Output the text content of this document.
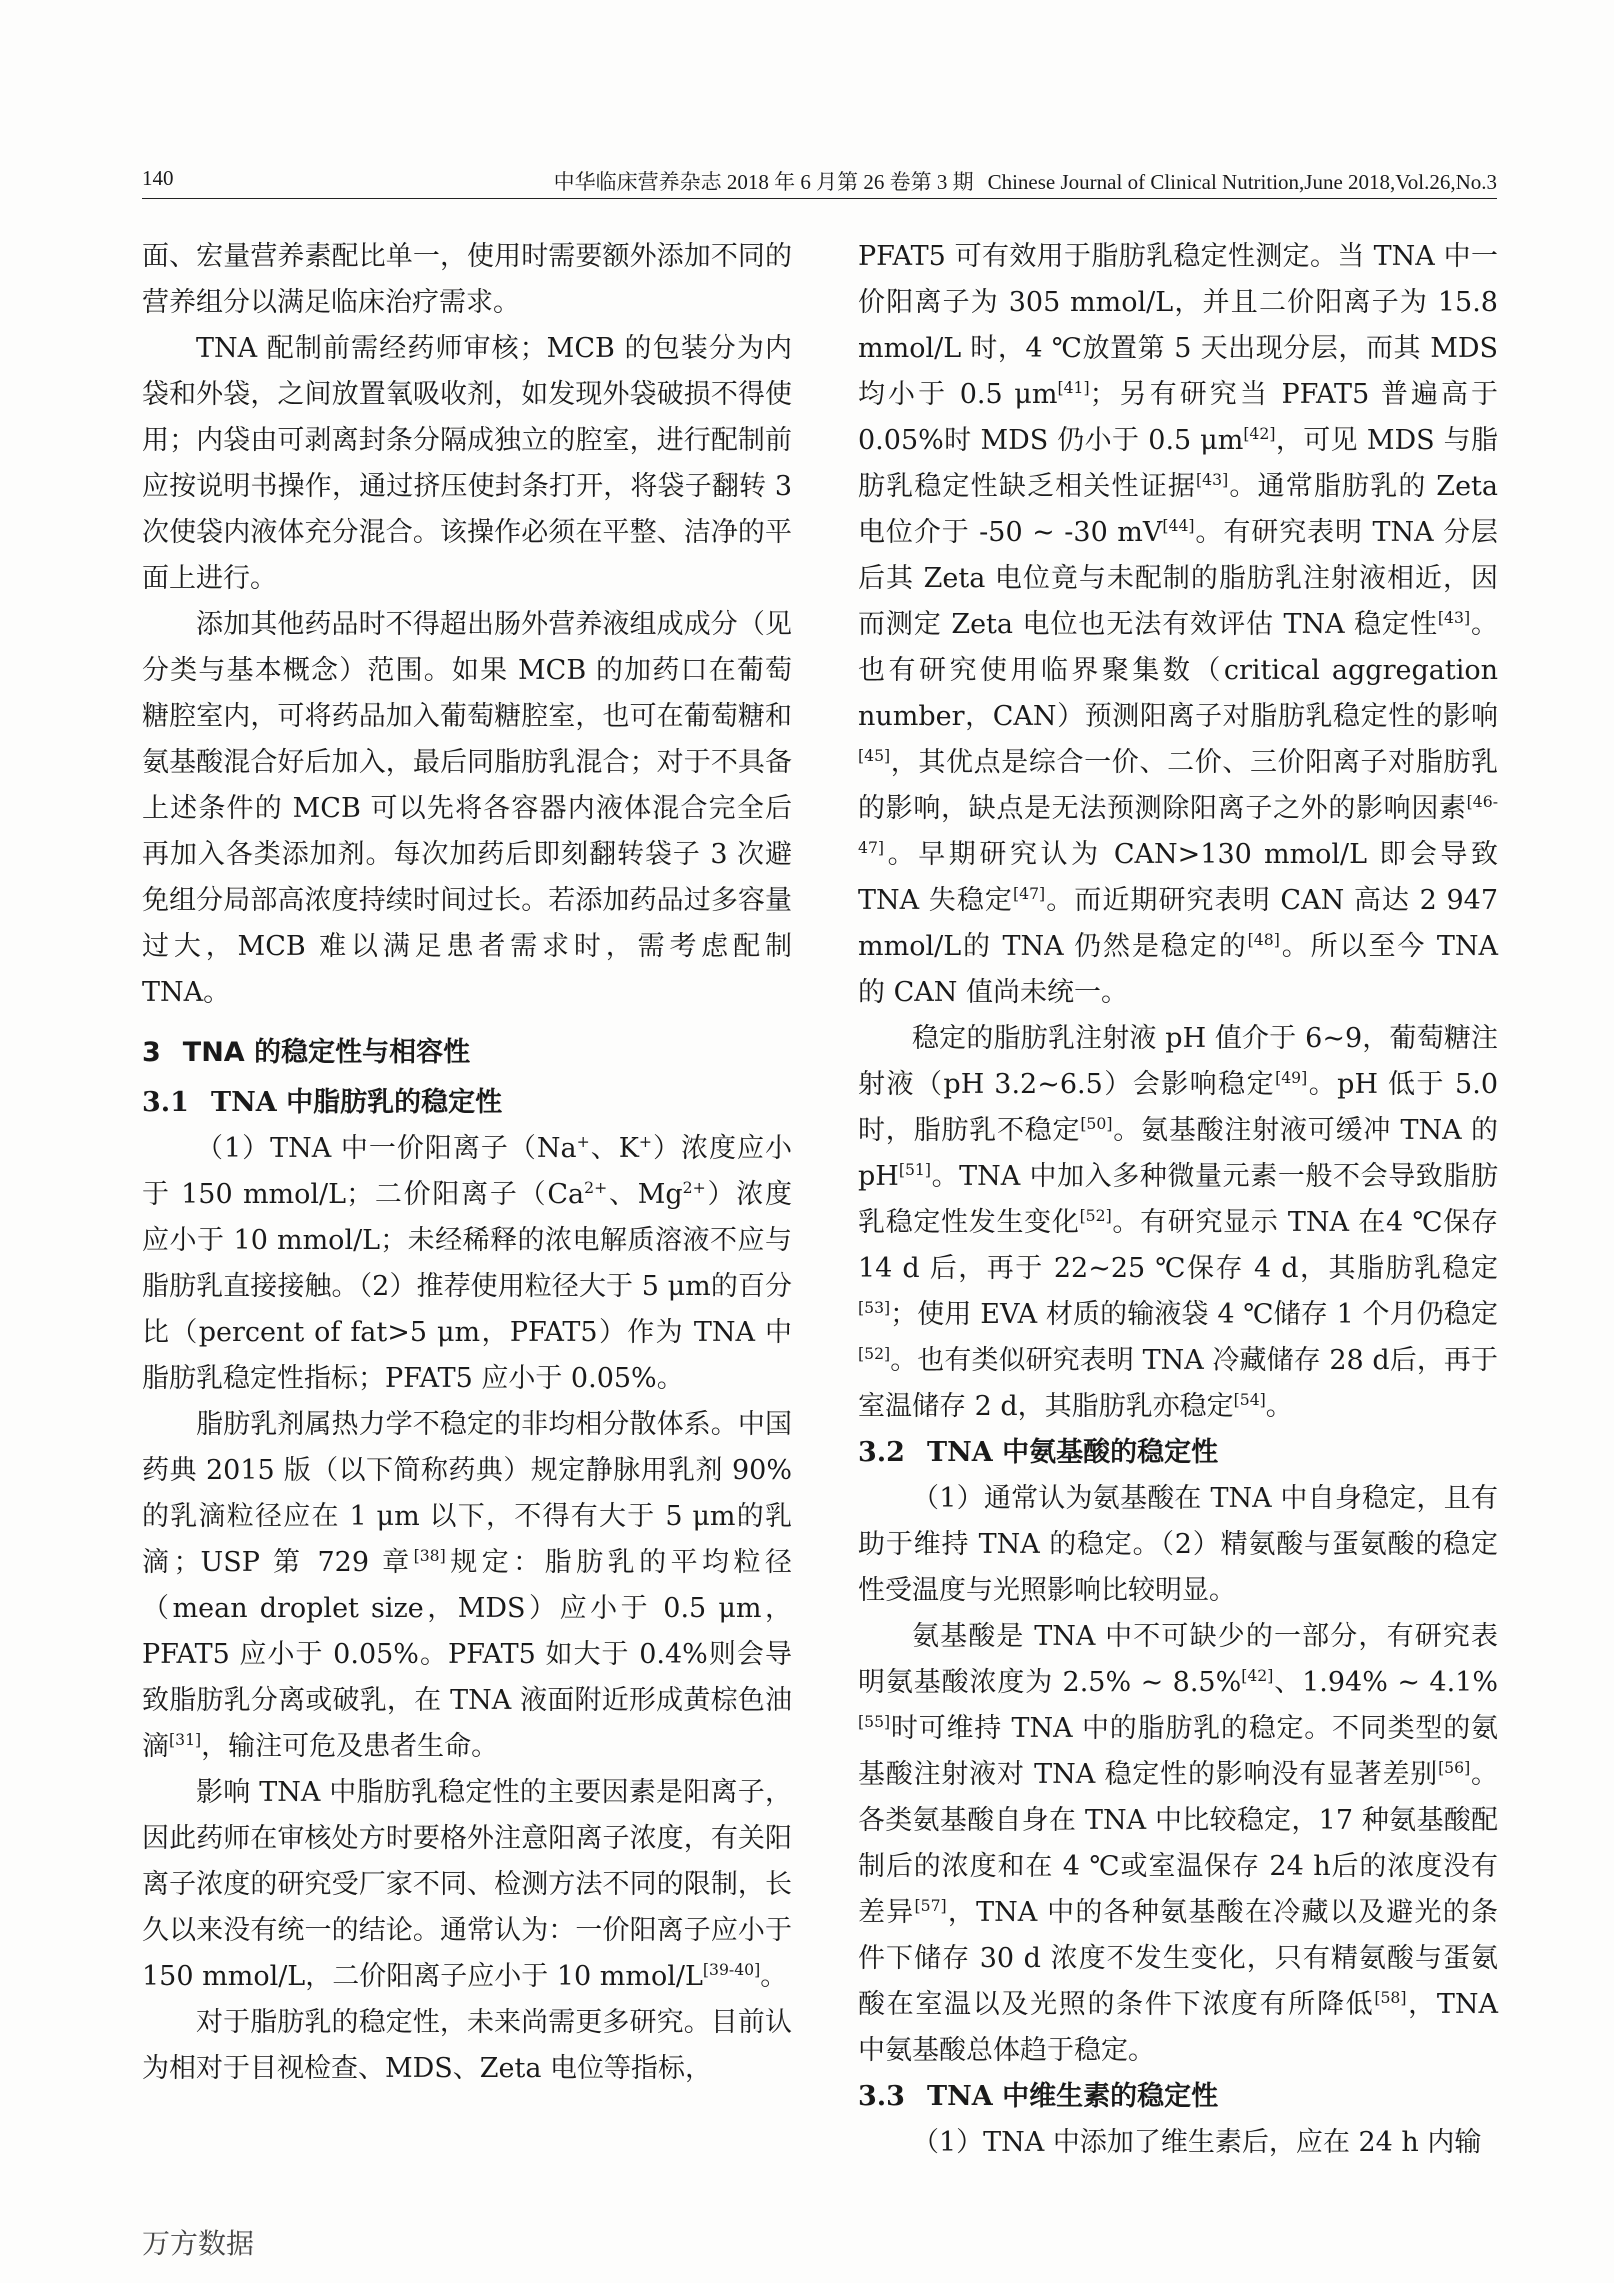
140	中华临床营养杂志 2018 年 6 月第 26 卷第 3 期 Chinese Journal of Clinical Nutrition,June 2018,Vol.26,No.3

面、宏量营养素配比单一，使用时需要额外添加不同的营养组分以满足临床治疗需求。

TNA 配制前需经药师审核；MCB 的包装分为内袋和外袋，之间放置氧吸收剂，如发现外袋破损不得使用；内袋由可剥离封条分隔成独立的腔室，进行配制前应按说明书操作，通过挤压使封条打开，将袋子翻转 3 次使袋内液体充分混合。该操作必须在平整、洁净的平面上进行。

添加其他药品时不得超出肠外营养液组成成分（见分类与基本概念）范围。如果 MCB 的加药口在葡萄糖腔室内，可将药品加入葡萄糖腔室，也可在葡萄糖和氨基酸混合好后加入，最后同脂肪乳混合；对于不具备上述条件的 MCB 可以先将各容器内液体混合完全后再加入各类添加剂。每次加药后即刻翻转袋子 3 次避免组分局部高浓度持续时间过长。若添加药品过多容量过大，MCB 难以满足患者需求时，需考虑配制 TNA。

3 TNA 的稳定性与相容性
3.1 TNA 中脂肪乳的稳定性

（1）TNA 中一价阳离子（Na+、K+）浓度应小于 150 mmol/L；二价阳离子（$Ca^{2+}$、$Mg^{2+}$）浓度应小于 10 mmol/L；未经稀释的浓电解质溶液不应与脂肪乳直接接触。（2）推荐使用粒径大于 5 μm的百分比（percent of fat>5 μm，PFAT5）作为 TNA 中脂肪乳稳定性指标；PFAT5 应小于 0.05%。

脂肪乳剂属热力学不稳定的非均相分散体系。中国药典 2015 版（以下简称药典）规定静脉用乳剂 90%的乳滴粒径应在 1 μm 以下，不得有大于 5 μm的乳滴；USP 第 729 章[38]规定：脂肪乳的平均粒径（mean droplet size，MDS）应小于 0.5 μm，PFAT5 应小于 0.05%。PFAT5 如大于 0.4%则会导致脂肪乳分离或破乳，在 TNA 液面附近形成黄棕色油滴[31]，输注可危及患者生命。

影响 TNA 中脂肪乳稳定性的主要因素是阳离子，因此药师在审核处方时要格外注意阳离子浓度，有关阳离子浓度的研究受厂家不同、检测方法不同的限制，长久以来没有统一的结论。通常认为：一价阳离子应小于 150 mmol/L，二价阳离子应小于 10 mmol/L[39-40]。

对于脂肪乳的稳定性，未来尚需更多研究。目前认为相对于目视检查、MDS、Zeta 电位等指标，

PFAT5 可有效用于脂肪乳稳定性测定。当 TNA 中一价阳离子为 305 mmol/L，并且二价阳离子为 15.8 mmol/L 时，4 ℃放置第 5 天出现分层，而其 MDS 均小于 0.5 μm[41]；另有研究当 PFAT5 普遍高于 0.05%时 MDS 仍小于 0.5 μm[42]，可见 MDS 与脂肪乳稳定性缺乏相关性证据[43]。通常脂肪乳的 Zeta 电位介于 -50 ~ -30 mV[44]。有研究表明 TNA 分层后其 Zeta 电位竟与未配制的脂肪乳注射液相近，因而测定 Zeta 电位也无法有效评估 TNA 稳定性[43]。也有研究使用临界聚集数（critical aggregation number，CAN）预测阳离子对脂肪乳稳定性的影响[45]，其优点是综合一价、二价、三价阳离子对脂肪乳的影响，缺点是无法预测除阳离子之外的影响因素[46-47]。早期研究认为 CAN>130 mmol/L 即会导致 TNA 失稳定[47]。而近期研究表明 CAN 高达 2 947 mmol/L的 TNA 仍然是稳定的[48]。所以至今 TNA 的 CAN 值尚未统一。

稳定的脂肪乳注射液 pH 值介于 6~9，葡萄糖注射液（pH 3.2~6.5）会影响稳定[49]。pH 低于 5.0 时，脂肪乳不稳定[50]。氨基酸注射液可缓冲 TNA 的 pH[51]。TNA 中加入多种微量元素一般不会导致脂肪乳稳定性发生变化[52]。有研究显示 TNA 在4 ℃保存 14 d 后，再于 22~25 ℃保存 4 d，其脂肪乳稳定[53]；使用 EVA 材质的输液袋 4 ℃储存 1 个月仍稳定[52]。也有类似研究表明 TNA 冷藏储存 28 d后，再于室温储存 2 d，其脂肪乳亦稳定[54]。

3.2 TNA 中氨基酸的稳定性

（1）通常认为氨基酸在 TNA 中自身稳定，且有助于维持 TNA 的稳定。（2）精氨酸与蛋氨酸的稳定性受温度与光照影响比较明显。

氨基酸是 TNA 中不可缺少的一部分，有研究表明氨基酸浓度为 2.5% ~ 8.5%[42]、1.94% ~ 4.1%[55]时可维持 TNA 中的脂肪乳的稳定。不同类型的氨基酸注射液对 TNA 稳定性的影响没有显著差别[56]。各类氨基酸自身在 TNA 中比较稳定，17 种氨基酸配制后的浓度和在 4 ℃或室温保存 24 h后的浓度没有差异[57]，TNA 中的各种氨基酸在冷藏以及避光的条件下储存 30 d 浓度不发生变化，只有精氨酸与蛋氨酸在室温以及光照的条件下浓度有所降低[58]，TNA 中氨基酸总体趋于稳定。

3.3 TNA 中维生素的稳定性

（1）TNA 中添加了维生素后，应在 24 h 内输

万方数据
